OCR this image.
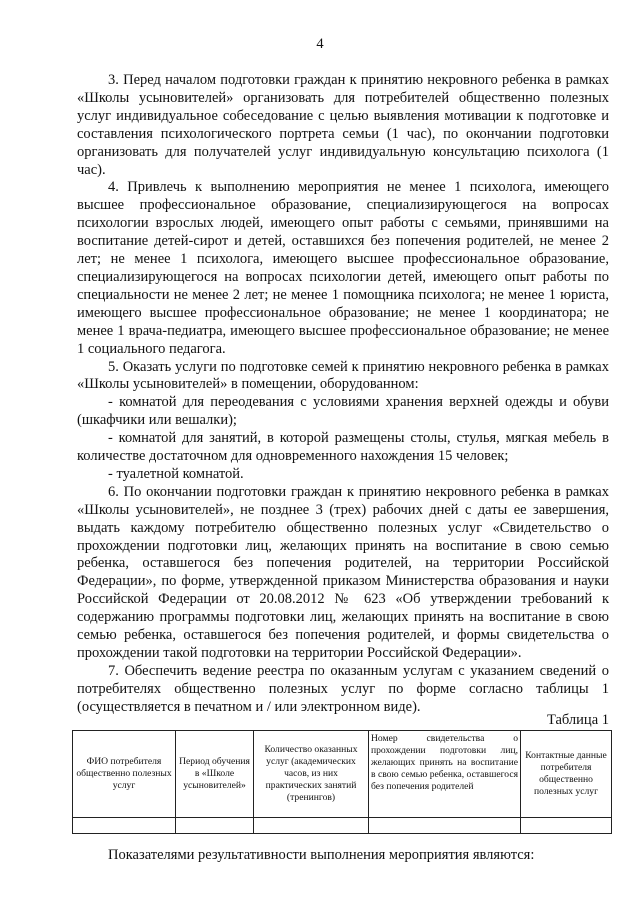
4

3. Перед началом подготовки граждан к принятию некровного ребенка в рамках «Школы усыновителей» организовать для потребителей общественно полезных услуг индивидуальное собеседование с целью выявления мотивации к подготовке и составления психологического портрета семьи (1 час), по окончании подготовки организовать для получателей услуг индивидуальную консультацию психолога (1 час).

4. Привлечь к выполнению мероприятия не менее 1 психолога, имеющего высшее профессиональное образование, специализирующегося на вопросах психологии взрослых людей, имеющего опыт работы с семьями, принявшими на воспитание детей-сирот и детей, оставшихся без попечения родителей, не менее 2 лет; не менее 1 психолога, имеющего высшее профессиональное образование, специализирующегося на вопросах психологии детей, имеющего опыт работы по специальности не менее 2 лет; не менее 1 помощника психолога; не менее 1 юриста, имеющего высшее профессиональное образование; не менее 1 координатора; не менее 1 врача-педиатра, имеющего высшее профессиональное образование; не менее 1 социального педагога.

5. Оказать услуги по подготовке семей к принятию некровного ребенка в рамках «Школы усыновителей» в помещении, оборудованном:

- комнатой для переодевания с условиями хранения верхней одежды и обуви (шкафчики или вешалки);

- комнатой для занятий, в которой размещены столы, стулья, мягкая мебель в количестве достаточном для одновременного нахождения 15 человек;

- туалетной комнатой.

6. По окончании подготовки граждан к принятию некровного ребенка в рамках «Школы усыновителей», не позднее 3 (трех) рабочих дней с даты ее завершения, выдать каждому потребителю общественно полезных услуг «Свидетельство о прохождении подготовки лиц, желающих принять на воспитание в свою семью ребенка, оставшегося без попечения родителей, на территории Российской Федерации», по форме, утвержденной приказом Министерства образования и науки Российской Федерации от 20.08.2012 № 623 «Об утверждении требований к содержанию программы подготовки лиц, желающих принять на воспитание в свою семью ребенка, оставшегося без попечения родителей, и формы свидетельства о прохождении такой подготовки на территории Российской Федерации».

7. Обеспечить ведение реестра по оказанным услугам с указанием сведений о потребителях общественно полезных услуг по форме согласно таблицы 1 (осуществляется в печатном и / или электронном виде).

Таблица 1
ФИО потребителя общественно полезных услуг	Период обучения в «Школе усыновителей»	Количество оказанных услуг (академических часов, из них практических занятий (тренингов)	Номер свидетельства о прохождении подготовки лиц, желающих принять на воспитание в свою семью ребенка, оставшегося без попечения родителей	Контактные данные потребителя общественно полезных услуг

Показателями результативности выполнения мероприятия являются:
